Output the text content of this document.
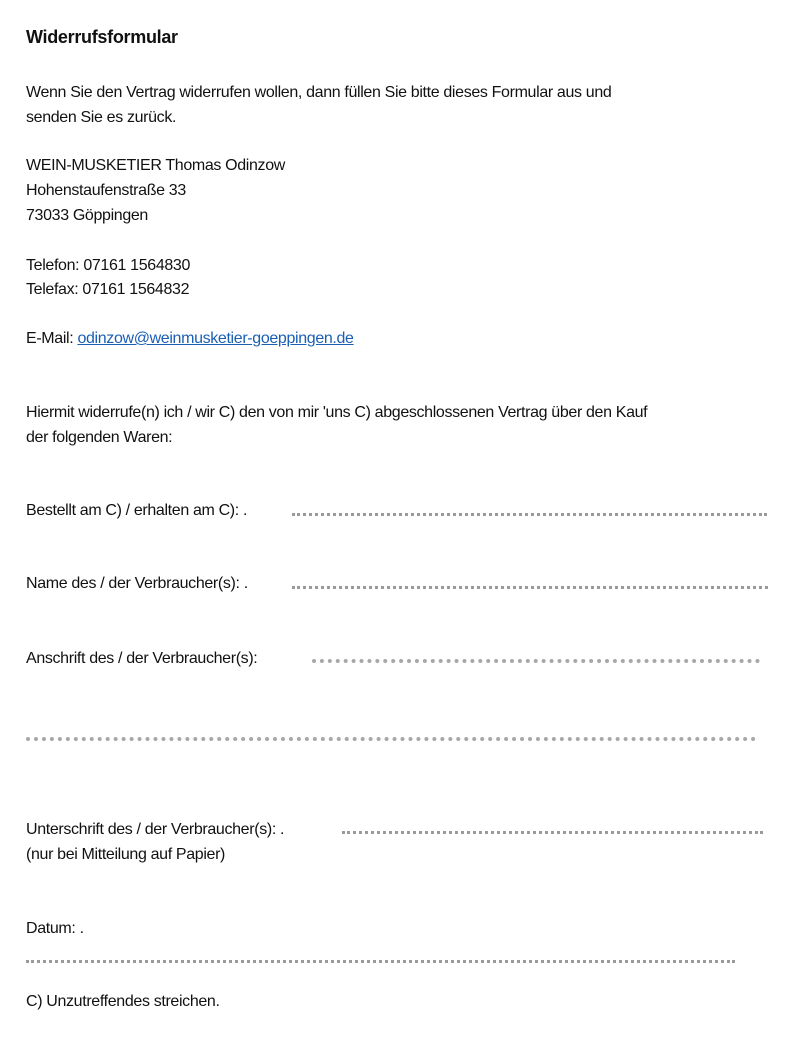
Widerrufsformular
Wenn Sie den Vertrag widerrufen wollen, dann füllen Sie bitte dieses Formular aus und
senden Sie es zurück.
WEIN-MUSKETIER Thomas Odinzow
Hohenstaufenstraße 33
73033 Göppingen
Telefon: 07161 1564830
Telefax: 07161 1564832
E-Mail: odinzow@weinmusketier-goeppingen.de
Hiermit widerrufe(n) ich / wir C) den von mir 'uns C) abgeschlossenen Vertrag über den Kauf
der folgenden Waren:
Bestellt am C) / erhalten am C): .
Name des / der Verbraucher(s): .
Anschrift des / der Verbraucher(s):
Unterschrift des / der Verbraucher(s): .
(nur bei Mitteilung auf Papier)
Datum: .
C) Unzutreffendes streichen.
